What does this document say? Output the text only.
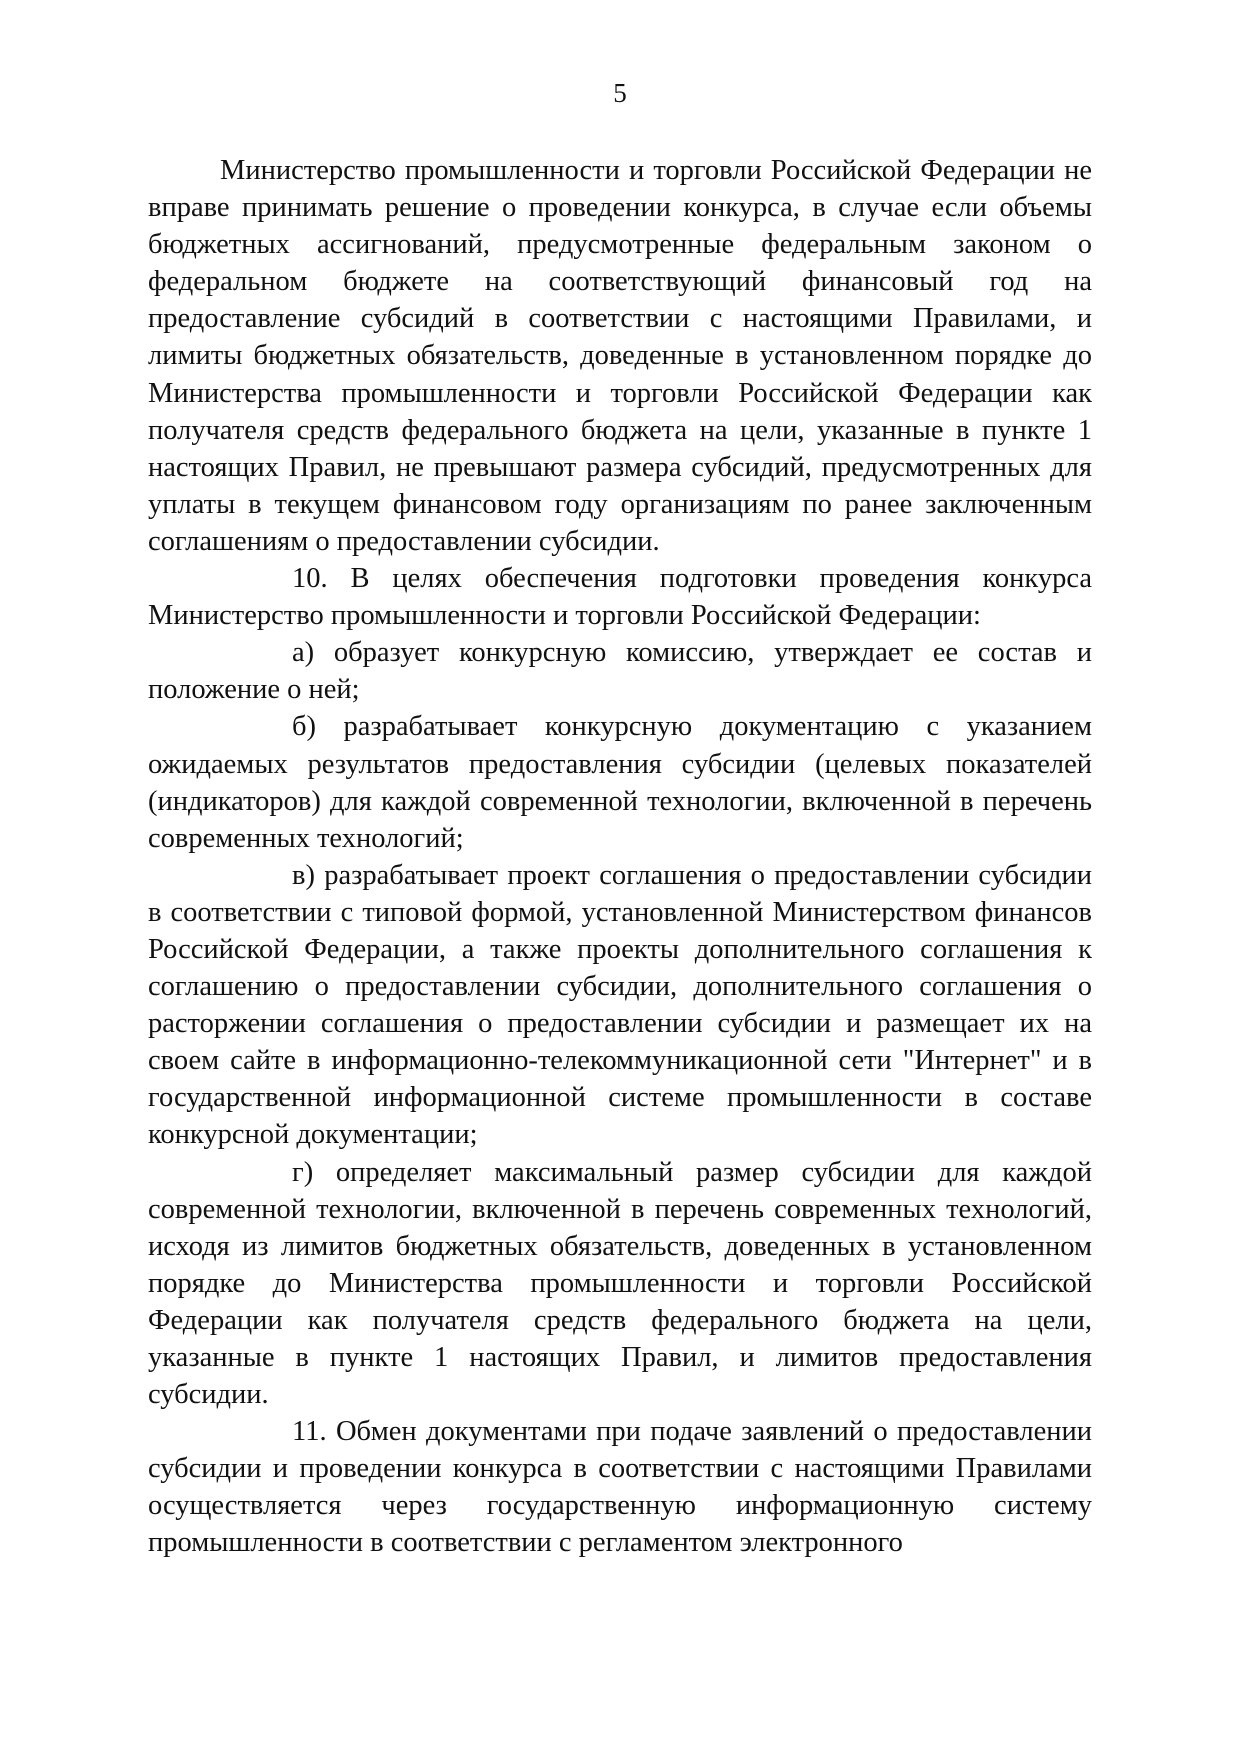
5

Министерство промышленности и торговли Российской Федерации не вправе принимать решение о проведении конкурса, в случае если объемы бюджетных ассигнований, предусмотренные федеральным законом о федеральном бюджете на соответствующий финансовый год на предоставление субсидий в соответствии с настоящими Правилами, и лимиты бюджетных обязательств, доведенные в установленном порядке до Министерства промышленности и торговли Российской Федерации как получателя средств федерального бюджета на цели, указанные в пункте 1 настоящих Правил, не превышают размера субсидий, предусмотренных для уплаты в текущем финансовом году организациям по ранее заключенным соглашениям о предоставлении субсидии.

10. В целях обеспечения подготовки проведения конкурса Министерство промышленности и торговли Российской Федерации:

а) образует конкурсную комиссию, утверждает ее состав и положение о ней;

б) разрабатывает конкурсную документацию с указанием ожидаемых результатов предоставления субсидии (целевых показателей (индикаторов) для каждой современной технологии, включенной в перечень современных технологий;

в) разрабатывает проект соглашения о предоставлении субсидии в соответствии с типовой формой, установленной Министерством финансов Российской Федерации, а также проекты дополнительного соглашения к соглашению о предоставлении субсидии, дополнительного соглашения о расторжении соглашения о предоставлении субсидии и размещает их на своем сайте в информационно-телекоммуникационной сети "Интернет" и в государственной информационной системе промышленности в составе конкурсной документации;

г) определяет максимальный размер субсидии для каждой современной технологии, включенной в перечень современных технологий, исходя из лимитов бюджетных обязательств, доведенных в установленном порядке до Министерства промышленности и торговли Российской Федерации как получателя средств федерального бюджета на цели, указанные в пункте 1 настоящих Правил, и лимитов предоставления субсидии.

11. Обмен документами при подаче заявлений о предоставлении субсидии и проведении конкурса в соответствии с настоящими Правилами осуществляется через государственную информационную систему промышленности в соответствии с регламентом электронного
